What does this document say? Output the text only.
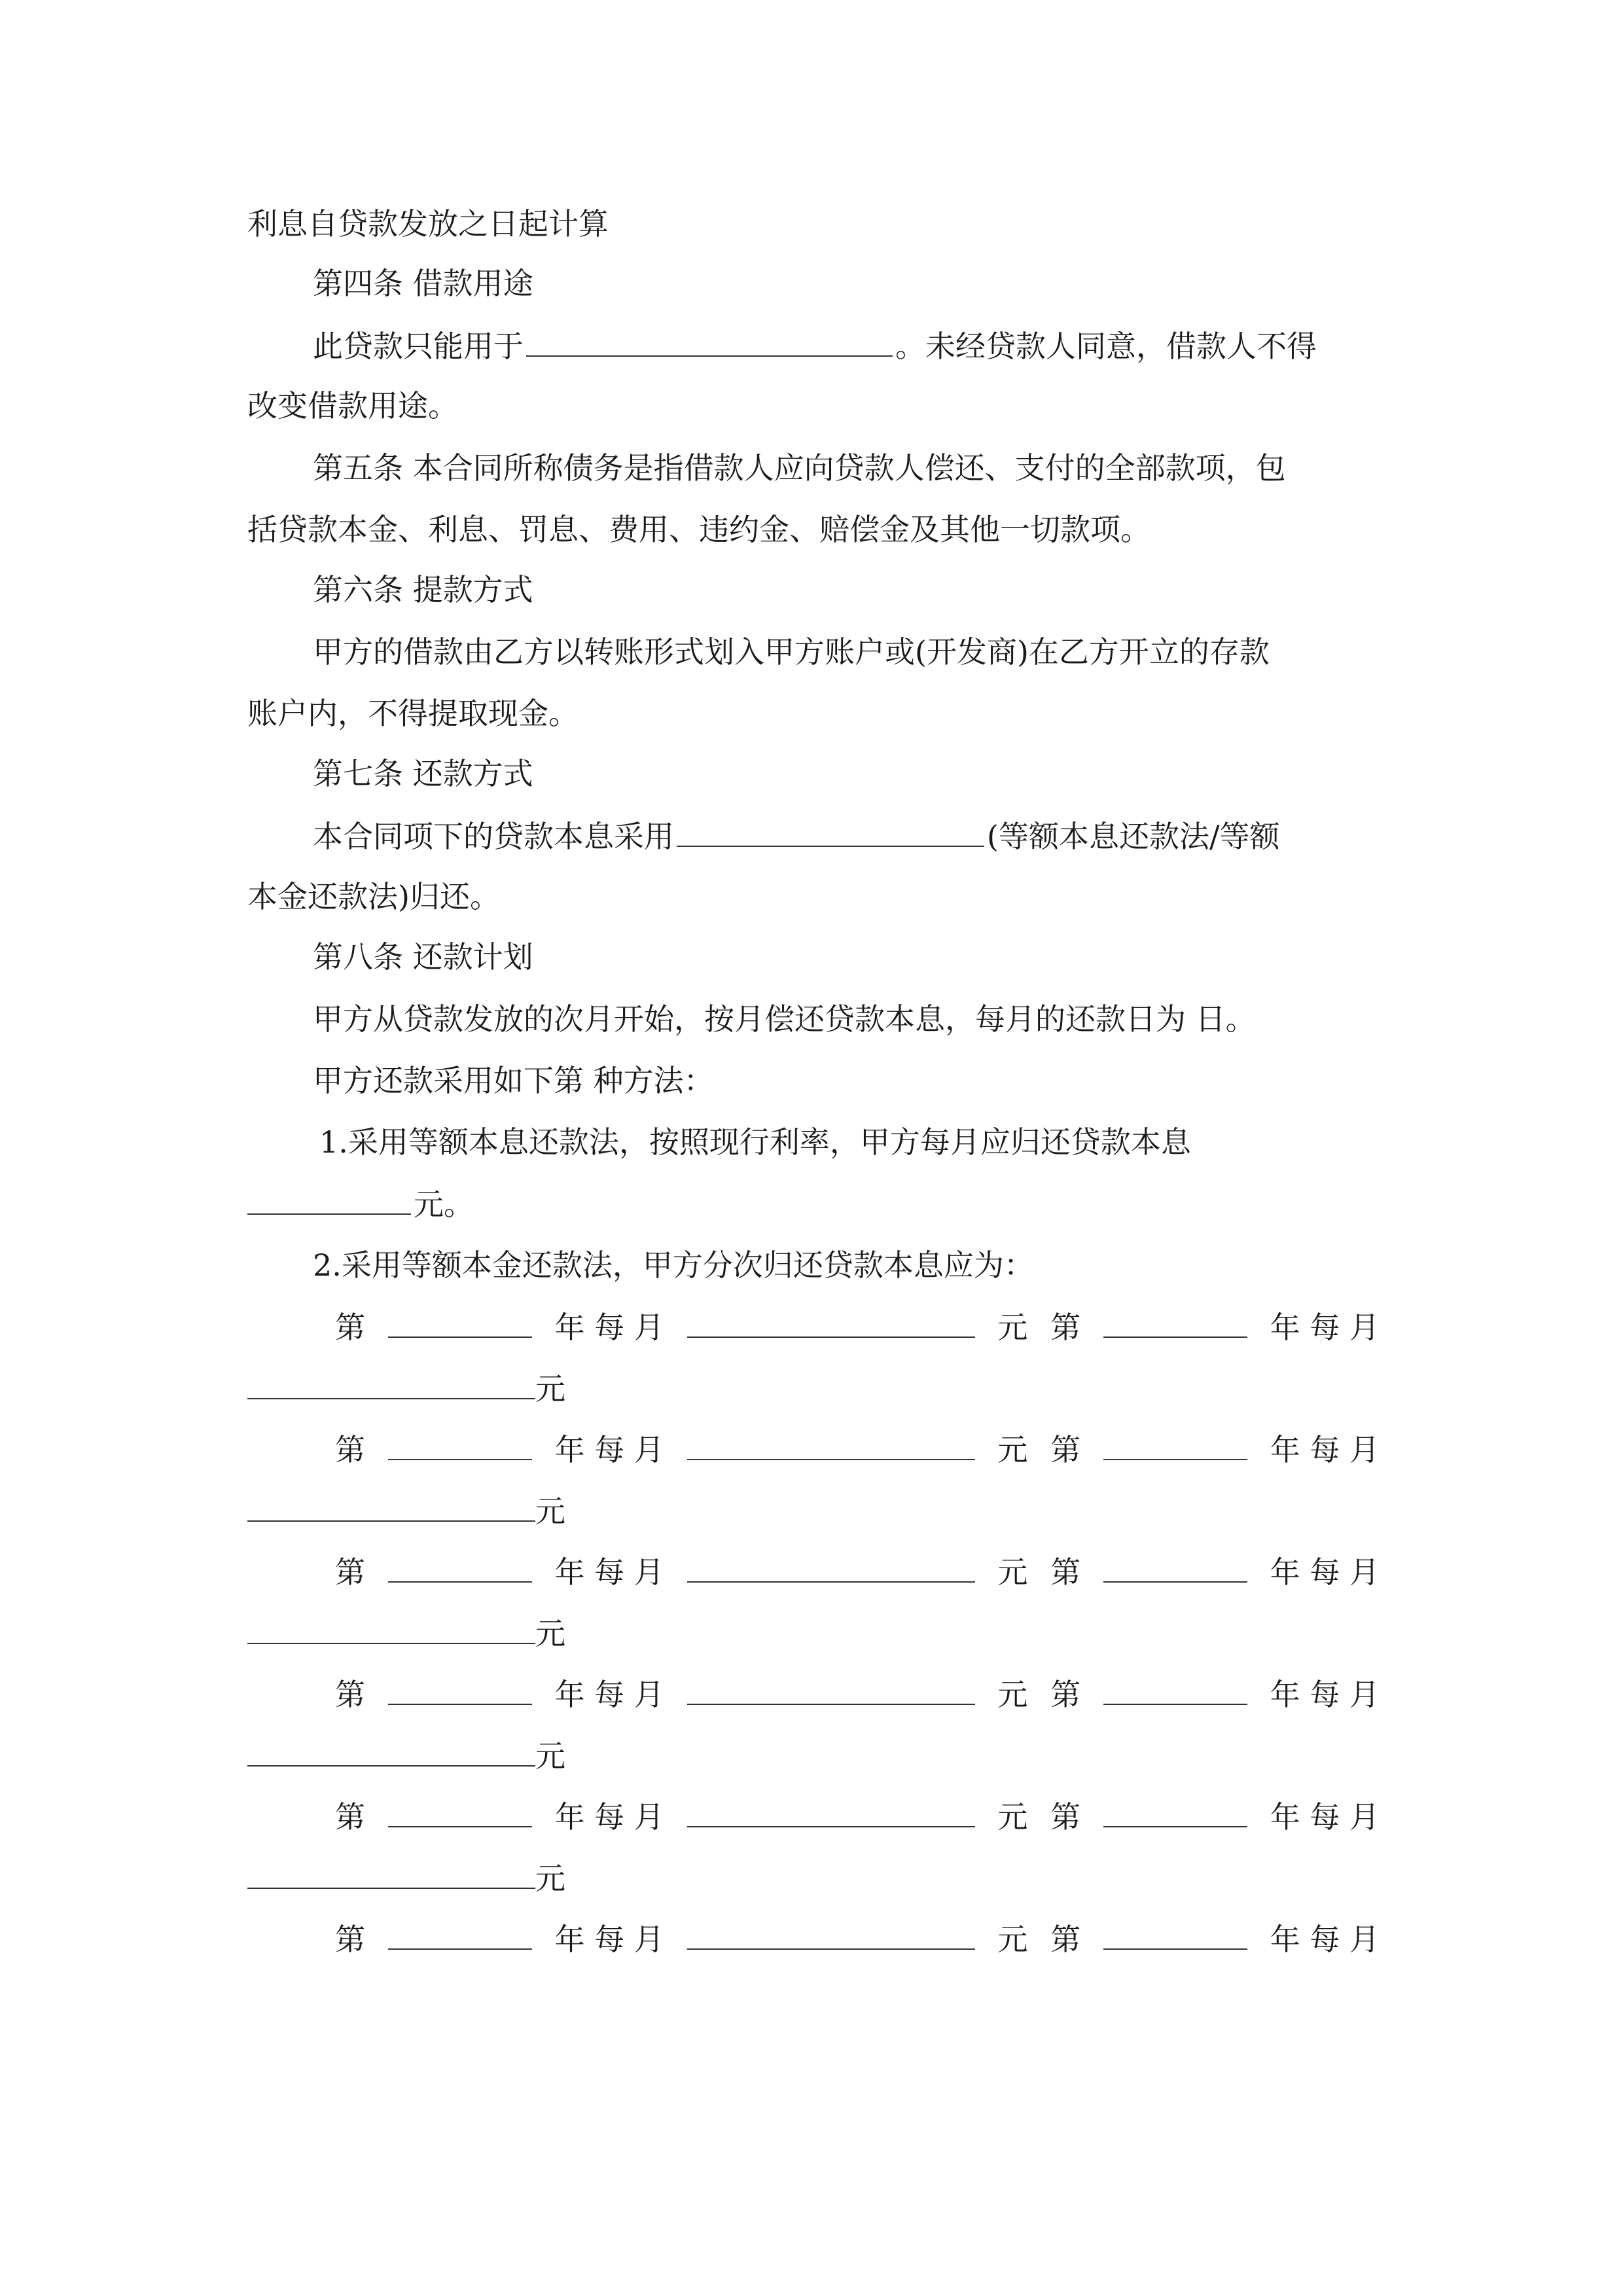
利息自贷款发放之日起计算
第四条 借款用途
此贷款只能用于	。未经贷款人同意，借款人不得
改变借款用途。
第五条 本合同所称债务是指借款人应向贷款人偿还、支付的全部款项，包
括贷款本金、利息、罚息、费用、违约金、赔偿金及其他一切款项。
第六条 提款方式
甲方的借款由乙方以转账形式划入甲方账户或(开发商)在乙方开立的存款
账户内，不得提取现金。
第七条 还款方式
本合同项下的贷款本息采用	(等额本息还款法/等额
本金还款法)归还。
第八条 还款计划
甲方从贷款发放的次月开始，按月偿还贷款本息，每月的还款日为 日。
甲方还款采用如下第 种方法：
1.采用等额本息还款法，按照现行利率，甲方每月应归还贷款本息
元。
2.采用等额本金还款法，甲方分次归还贷款本息应为：
第	年 每 月	元 第	年 每 月
元
第	年 每 月	元 第	年 每 月
元
第	年 每 月	元 第	年 每 月
元
第	年 每 月	元 第	年 每 月
元
第	年 每 月	元 第	年 每 月
元
第	年 每 月	元 第	年 每 月
